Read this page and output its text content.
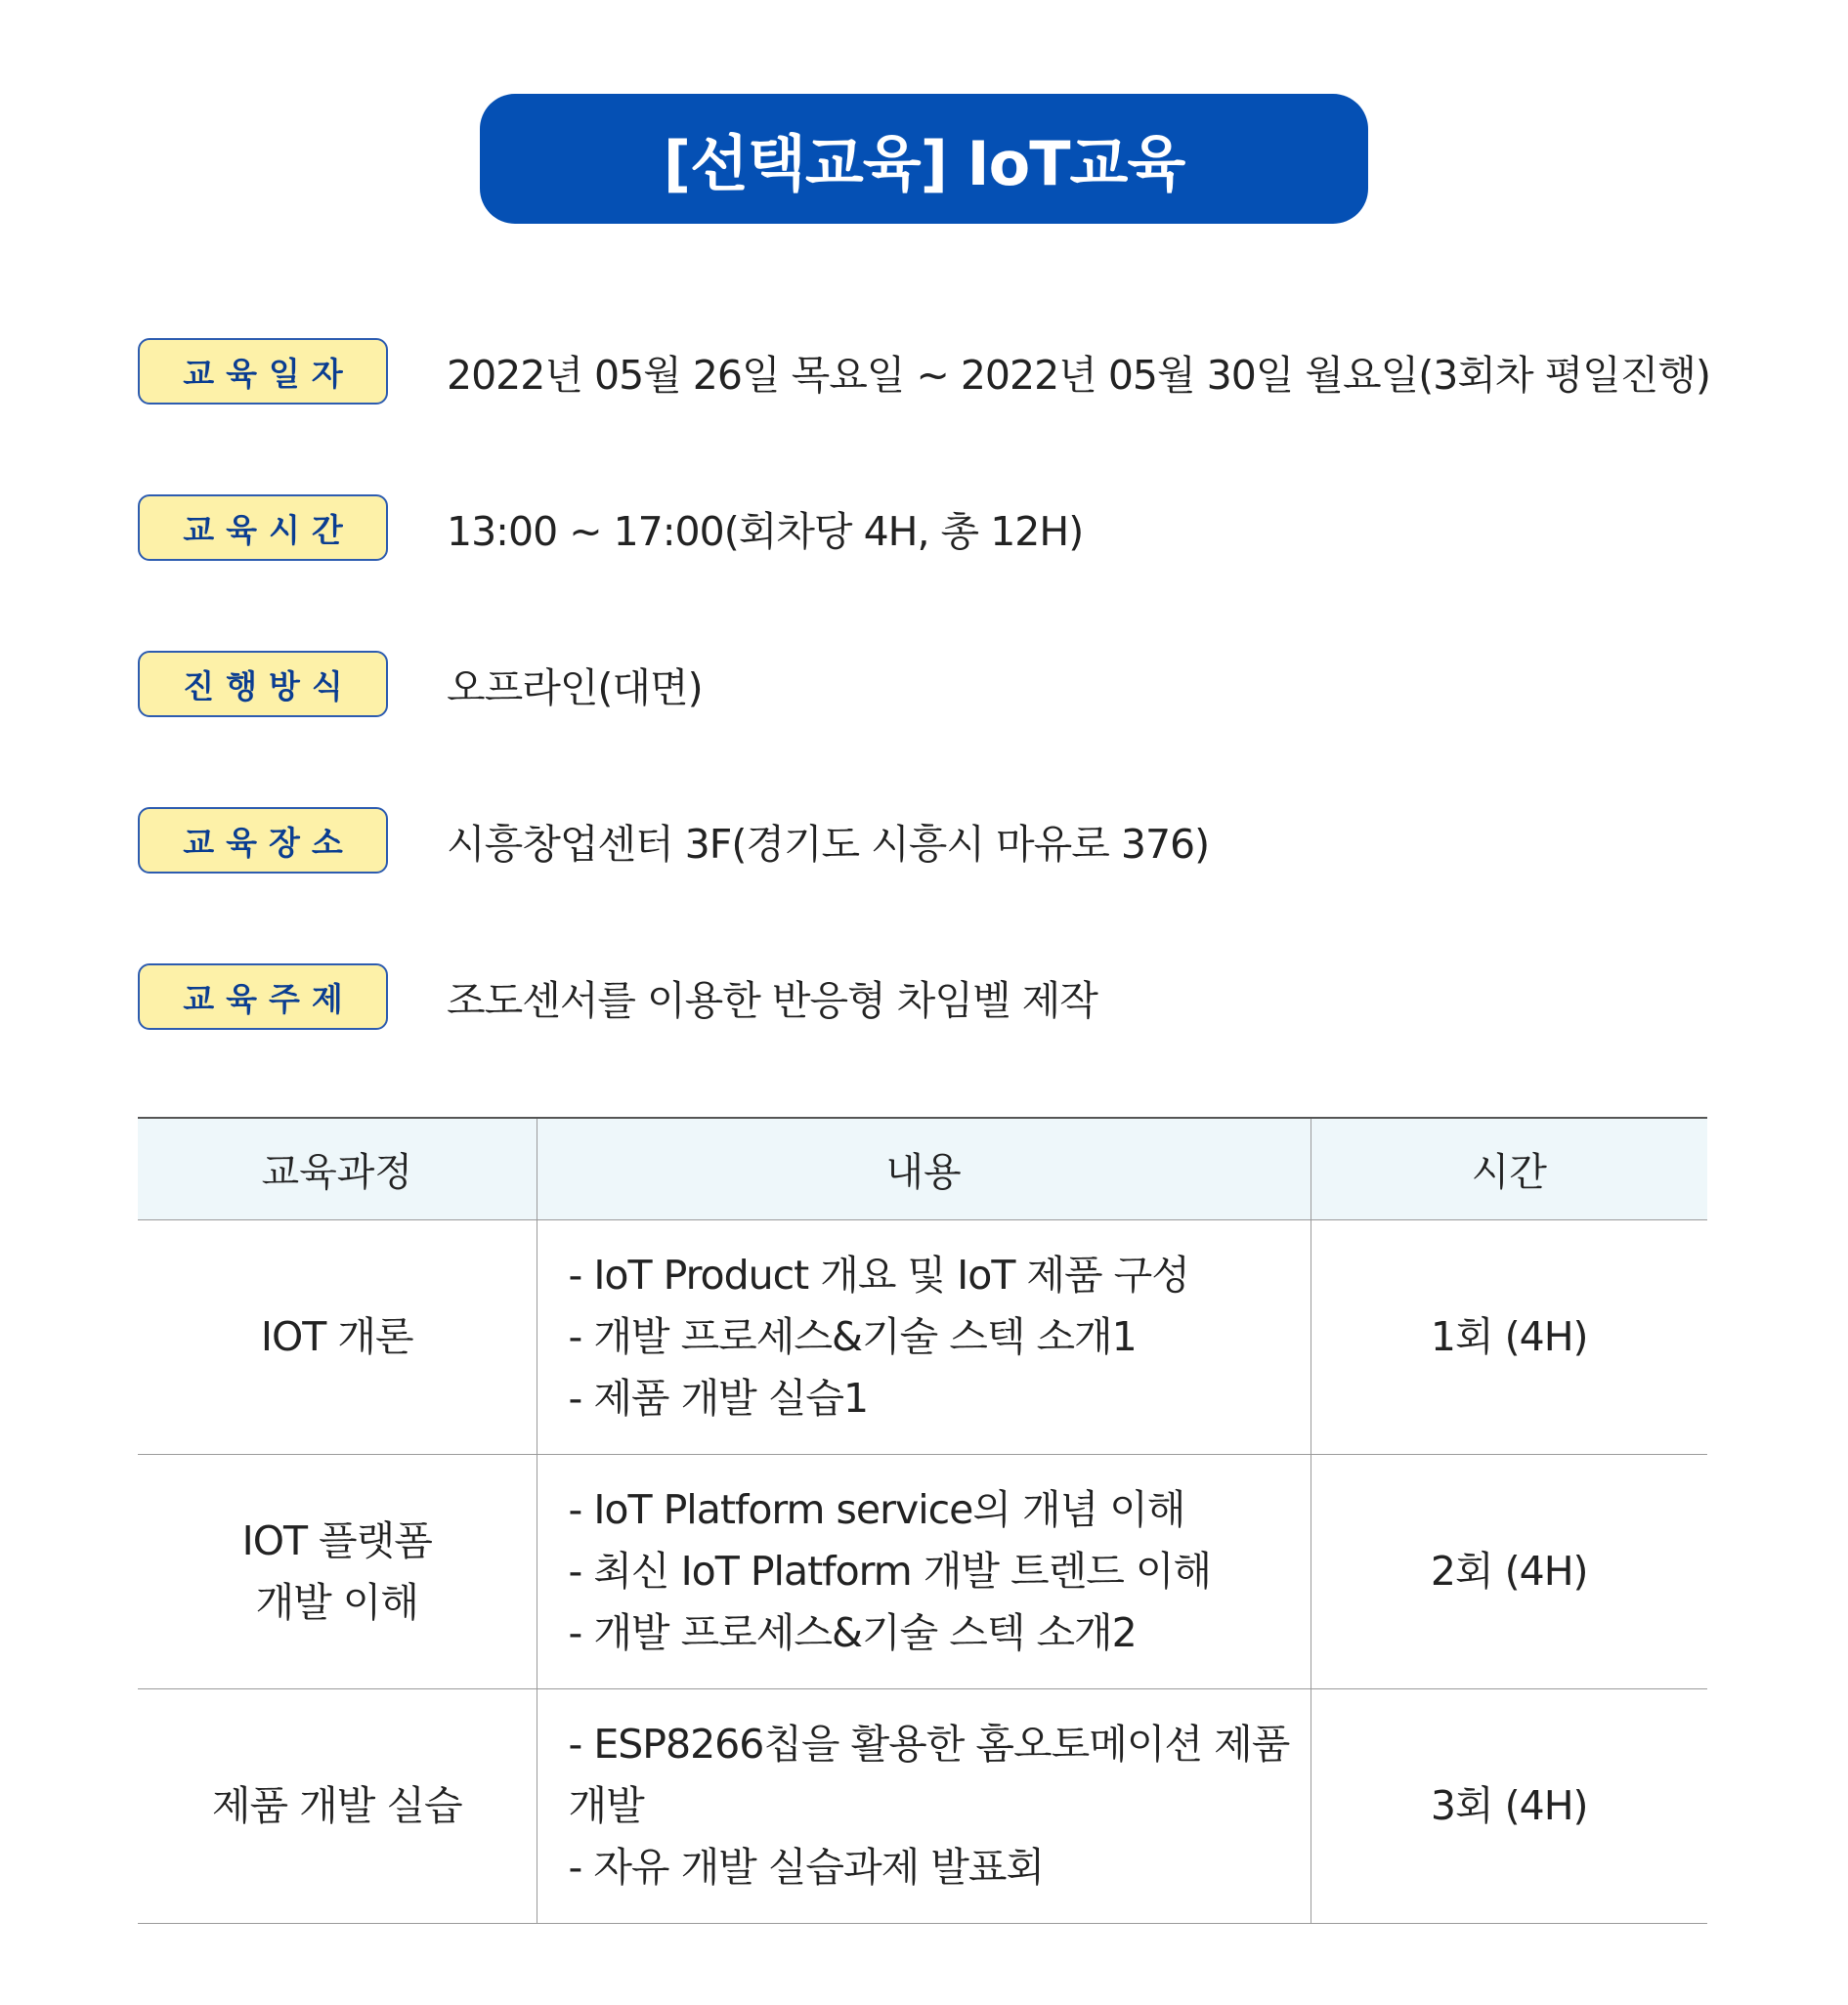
[선택교육] IoT교육
교육일자	2022년 05월 26일 목요일 ~ 2022년 05월 30일 월요일(3회차 평일진행)
교육시간	13:00 ~ 17:00(회차당 4H, 총 12H)
진행방식	오프라인(대면)
교육장소	시흥창업센터 3F(경기도 시흥시 마유로 376)
교육주제	조도센서를 이용한 반응형 차임벨 제작
교육과정	내용	시간

IOT 개론	- IoT Product 개요 및 IoT 제품 구성
- 개발 프로세스&기술 스텍 소개1
- 제품 개발 실습1	1회 (4H)

IOT 플랫폼
개발 이해	- IoT Platform service의 개념 이해
- 최신 IoT Platform 개발 트렌드 이해
- 개발 프로세스&기술 스텍 소개2	2회 (4H)

제품 개발 실습	- ESP8266칩을 활용한 홈오토메이션 제품
개발
- 자유 개발 실습과제 발표회	3회 (4H)
